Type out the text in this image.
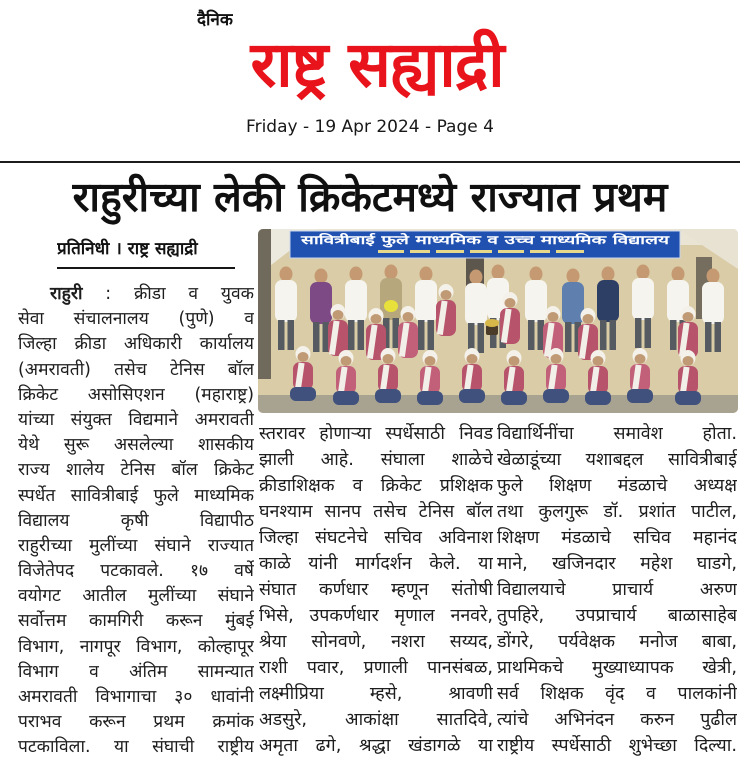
दैनिक
राष्ट्र सह्याद्री
Friday - 19 Apr 2024 - Page 4
राहुरीच्या लेकी क्रिकेटमध्ये राज्यात प्रथम
प्रतिनिधी । राष्ट्र सह्याद्री	सावित्रीबाई फुले माध्यमिक व उच्च माध्यमिक विद्यालय
राहुरी : क्रीडा व युवक
सेवा संचालनालय (पुणे) व
जिल्हा क्रीडा अधिकारी कार्यालय
(अमरावती) तसेच टेनिस बॉल
क्रिकेट असोसिएशन (महाराष्ट्र)
यांच्या संयुक्त विद्यमाने अमरावती
येथे सुरू असलेल्या शासकीय
राज्य शालेय टेनिस बॉल क्रिकेट
स्पर्धेत सावित्रीबाई फुले माध्यमिक
विद्यालय कृषी विद्यापीठ
राहुरीच्या मुलींच्या संघाने राज्यात
विजेतेपद पटकावले. १७ वर्षे
वयोगट आतील मुलींच्या संघाने
सर्वोत्तम कामगिरी करून मुंबई
विभाग, नागपूर विभाग, कोल्हापूर
विभाग व अंतिम सामन्यात
अमरावती विभागाचा ३० धावांनी
पराभव करून प्रथम क्रमांक
पटकाविला. या संघाची राष्ट्रीय
स्तरावर होणाऱ्या स्पर्धेसाठी निवड
झाली आहे. संघाला शाळेचे
क्रीडाशिक्षक व क्रिकेट प्रशिक्षक
घनश्याम सानप तसेच टेनिस बॉल
जिल्हा संघटनेचे सचिव अविनाश
काळे यांनी मार्गदर्शन केले. या
संघात कर्णधार म्हणून संतोषी
भिसे, उपकर्णधार मृणाल ननवरे,
श्रेया सोनवणे, नशरा सय्यद,
राशी पवार, प्रणाली पानसंबळ,
लक्ष्मीप्रिया म्हसे, श्रावणी
अडसुरे, आकांक्षा सातदिवे,
अमृता ढगे, श्रद्धा खंडागळे या
विद्यार्थिनींचा समावेश होता.
खेळाडूंच्या यशाबद्दल सावित्रीबाई
फुले शिक्षण मंडळाचे अध्यक्ष
तथा कुलगुरू डॉ. प्रशांत पाटील,
शिक्षण मंडळाचे सचिव महानंद
माने, खजिनदार महेश घाडगे,
विद्यालयाचे प्राचार्य अरुण
तुपहिरे, उपप्राचार्य बाळासाहेब
डोंगरे, पर्यवेक्षक मनोज बाबा,
प्राथमिकचे मुख्याध्यापक खेत्री,
सर्व शिक्षक वृंद व पालकांनी
त्यांचे अभिनंदन करुन पुढील
राष्ट्रीय स्पर्धेसाठी शुभेच्छा दिल्या.
